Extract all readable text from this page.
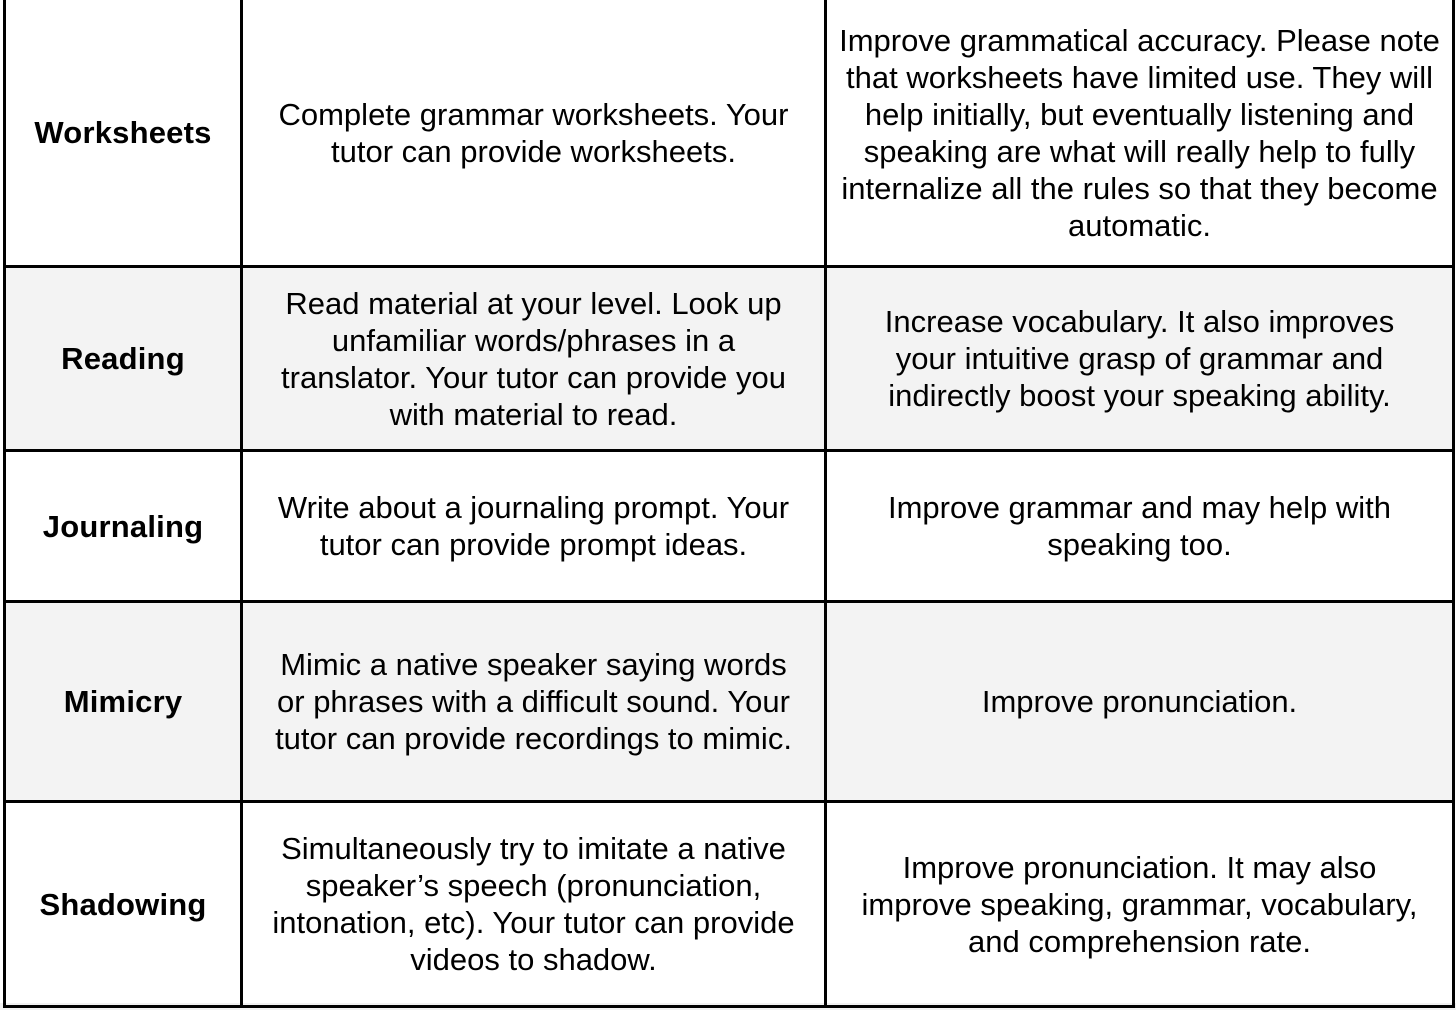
Worksheets	Complete grammar worksheets. Your tutor can provide worksheets.	Improve grammatical accuracy. Please note that worksheets have limited use. They will help initially, but eventually listening and speaking are what will really help to fully internalize all the rules so that they become automatic.
Reading	Read material at your level. Look up unfamiliar words/phrases in a translator. Your tutor can provide you with material to read.	Increase vocabulary. It also improves your intuitive grasp of grammar and indirectly boost your speaking ability.
Journaling	Write about a journaling prompt. Your tutor can provide prompt ideas.	Improve grammar and may help with speaking too.
Mimicry	Mimic a native speaker saying words or phrases with a difficult sound. Your tutor can provide recordings to mimic.	Improve pronunciation.
Shadowing	Simultaneously try to imitate a native speaker’s speech (pronunciation, intonation, etc). Your tutor can provide videos to shadow.	Improve pronunciation. It may also improve speaking, grammar, vocabulary, and comprehension rate.
